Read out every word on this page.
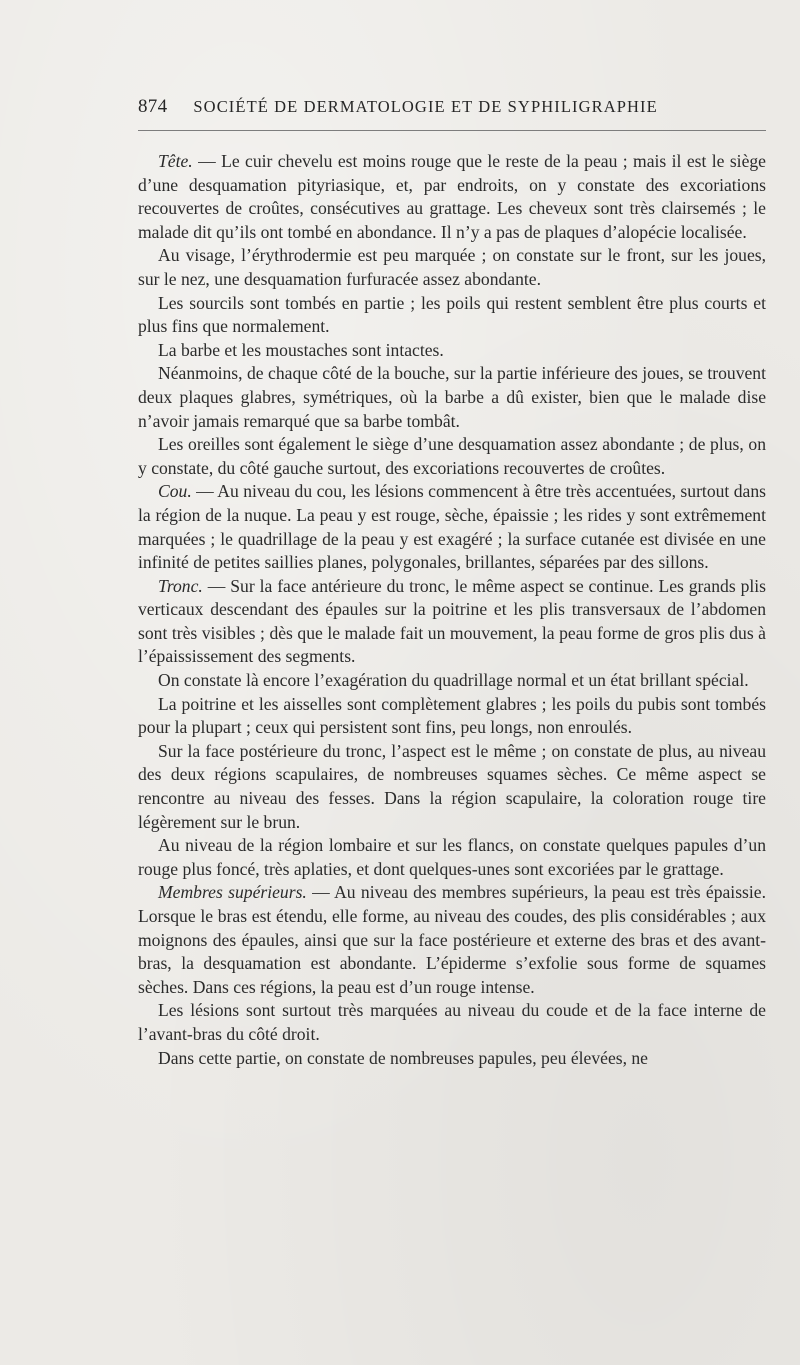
874 SOCIÉTÉ DE DERMATOLOGIE ET DE SYPHILIGRAPHIE

Tête. — Le cuir chevelu est moins rouge que le reste de la peau ; mais il est le siège d’une desquamation pityriasique, et, par endroits, on y constate des excoriations recouvertes de croûtes, consécutives au grattage. Les cheveux sont très clairsemés ; le malade dit qu’ils ont tombé en abondance. Il n’y a pas de plaques d’alopécie localisée.

Au visage, l’érythrodermie est peu marquée ; on constate sur le front, sur les joues, sur le nez, une desquamation furfuracée assez abondante.

Les sourcils sont tombés en partie ; les poils qui restent semblent être plus courts et plus fins que normalement.

La barbe et les moustaches sont intactes.

Néanmoins, de chaque côté de la bouche, sur la partie inférieure des joues, se trouvent deux plaques glabres, symétriques, où la barbe a dû exister, bien que le malade dise n’avoir jamais remarqué que sa barbe tombât.

Les oreilles sont également le siège d’une desquamation assez abondante ; de plus, on y constate, du côté gauche surtout, des excoriations recouvertes de croûtes.

Cou. — Au niveau du cou, les lésions commencent à être très accentuées, surtout dans la région de la nuque. La peau y est rouge, sèche, épaissie ; les rides y sont extrêmement marquées ; le quadrillage de la peau y est exagéré ; la surface cutanée est divisée en une infinité de petites saillies planes, polygonales, brillantes, séparées par des sillons.

Tronc. — Sur la face antérieure du tronc, le même aspect se continue. Les grands plis verticaux descendant des épaules sur la poitrine et les plis transversaux de l’abdomen sont très visibles ; dès que le malade fait un mouvement, la peau forme de gros plis dus à l’épaississement des segments.

On constate là encore l’exagération du quadrillage normal et un état brillant spécial.

La poitrine et les aisselles sont complètement glabres ; les poils du pubis sont tombés pour la plupart ; ceux qui persistent sont fins, peu longs, non enroulés.

Sur la face postérieure du tronc, l’aspect est le même ; on constate de plus, au niveau des deux régions scapulaires, de nombreuses squames sèches. Ce même aspect se rencontre au niveau des fesses. Dans la région scapulaire, la coloration rouge tire légèrement sur le brun.

Au niveau de la région lombaire et sur les flancs, on constate quelques papules d’un rouge plus foncé, très aplaties, et dont quelques-unes sont excoriées par le grattage.

Membres supérieurs. — Au niveau des membres supérieurs, la peau est très épaissie. Lorsque le bras est étendu, elle forme, au niveau des coudes, des plis considérables ; aux moignons des épaules, ainsi que sur la face postérieure et externe des bras et des avant-bras, la desquamation est abondante. L’épiderme s’exfolie sous forme de squames sèches. Dans ces régions, la peau est d’un rouge intense.

Les lésions sont surtout très marquées au niveau du coude et de la face interne de l’avant-bras du côté droit.

Dans cette partie, on constate de nombreuses papules, peu élevées, ne
